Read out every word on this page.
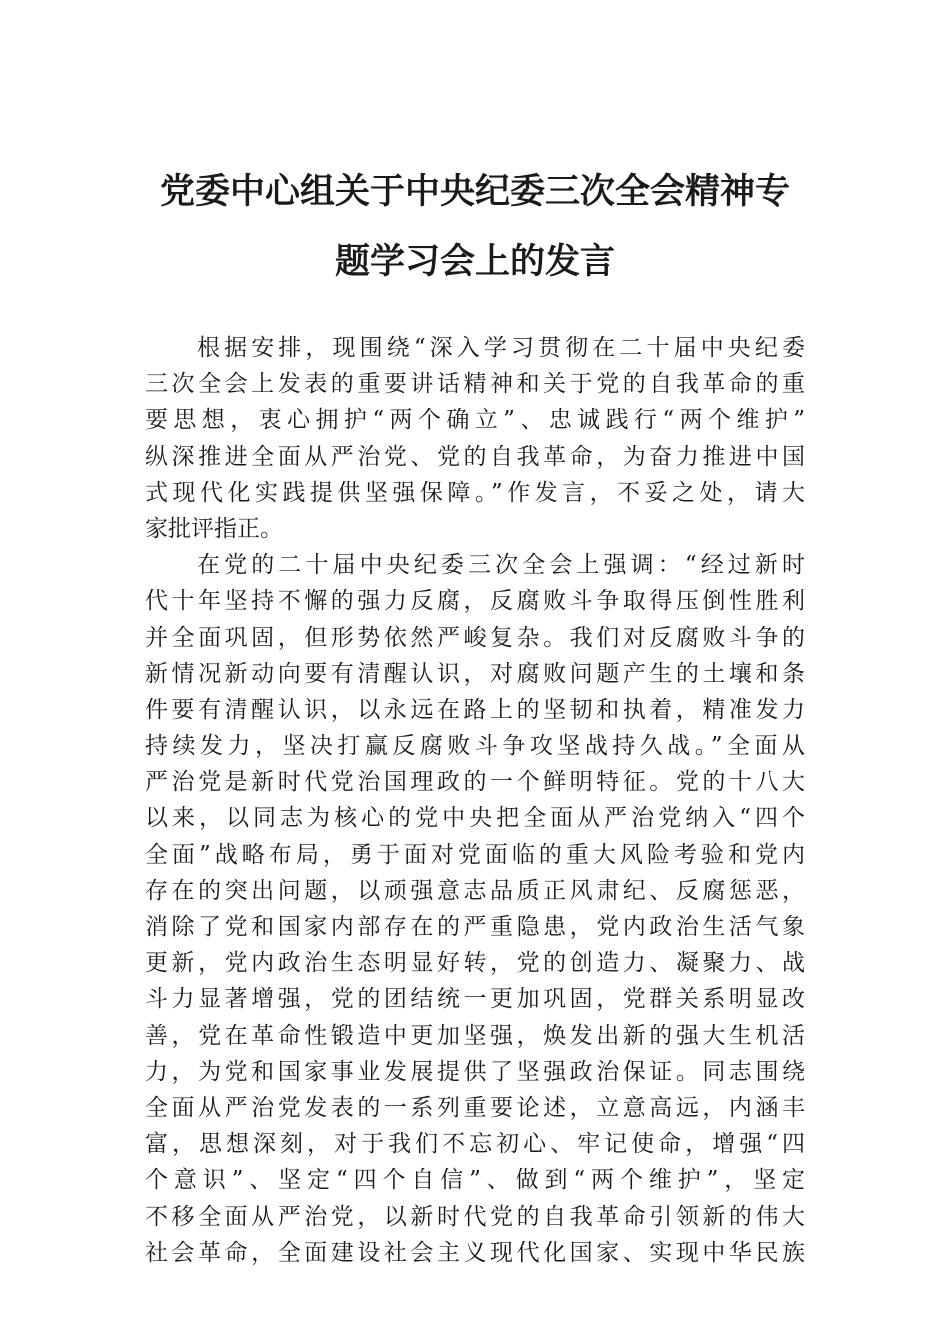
党委中心组关于中央纪委三次全会精神专
题学习会上的发言
根据安排，现围绕“深入学习贯彻在二十届中央纪委
三次全会上发表的重要讲话精神和关于党的自我革命的重
要思想，衷心拥护“两个确立”、忠诚践行“两个维护”
纵深推进全面从严治党、党的自我革命，为奋力推进中国
式现代化实践提供坚强保障。”作发言，不妥之处，请大
家批评指正。
在党的二十届中央纪委三次全会上强调：“经过新时
代十年坚持不懈的强力反腐，反腐败斗争取得压倒性胜利
并全面巩固，但形势依然严峻复杂。我们对反腐败斗争的
新情况新动向要有清醒认识，对腐败问题产生的土壤和条
件要有清醒认识，以永远在路上的坚韧和执着，精准发力
持续发力，坚决打赢反腐败斗争攻坚战持久战。”全面从
严治党是新时代党治国理政的一个鲜明特征。党的十八大
以来，以同志为核心的党中央把全面从严治党纳入“四个
全面”战略布局，勇于面对党面临的重大风险考验和党内
存在的突出问题，以顽强意志品质正风肃纪、反腐惩恶，
消除了党和国家内部存在的严重隐患，党内政治生活气象
更新，党内政治生态明显好转，党的创造力、凝聚力、战
斗力显著增强，党的团结统一更加巩固，党群关系明显改
善，党在革命性锻造中更加坚强，焕发出新的强大生机活
力，为党和国家事业发展提供了坚强政治保证。同志围绕
全面从严治党发表的一系列重要论述，立意高远，内涵丰
富，思想深刻，对于我们不忘初心、牢记使命，增强“四
个意识”、坚定“四个自信”、做到“两个维护”，坚定
不移全面从严治党，以新时代党的自我革命引领新的伟大
社会革命，全面建设社会主义现代化国家、实现中华民族
